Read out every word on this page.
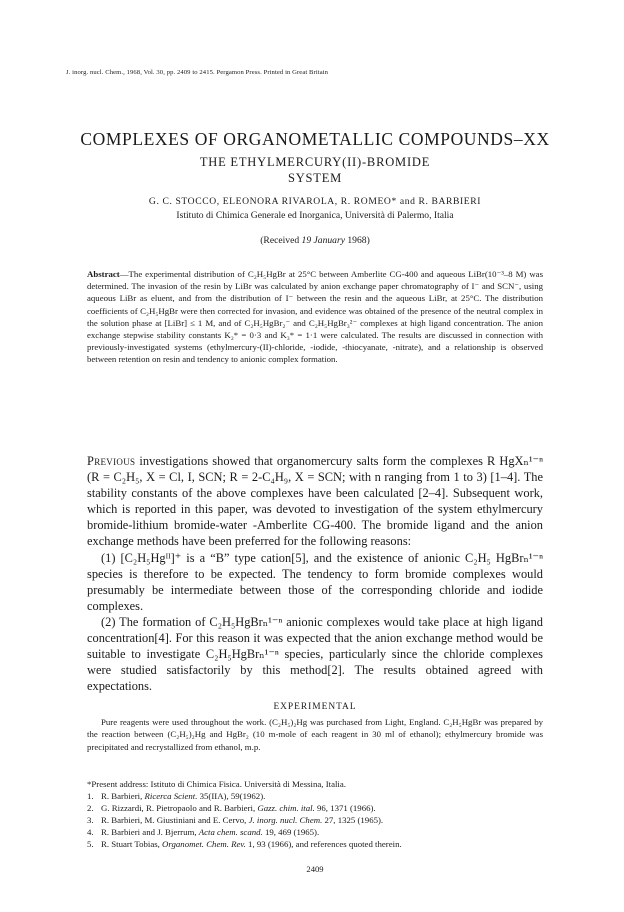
J. inorg. nucl. Chem., 1968, Vol. 30, pp. 2409 to 2415. Pergamon Press. Printed in Great Britain
COMPLEXES OF ORGANOMETALLIC COMPOUNDS–XX
THE ETHYLMERCURY(II)-BROMIDE
SYSTEM
G. C. STOCCO, ELEONORA RIVAROLA, R. ROMEO* and R. BARBIERI
Istituto di Chimica Generale ed Inorganica, Università di Palermo, Italia
(Received 19 January 1968)
Abstract—The experimental distribution of C₂H₅HgBr at 25°C between Amberlite CG-400 and aqueous LiBr(10⁻³–8 M) was determined. The invasion of the resin by LiBr was calculated by anion exchange paper chromatography of I⁻ and SCN⁻, using aqueous LiBr as eluent, and from the distribution of I⁻ between the resin and the aqueous LiBr, at 25°C. The distribution coefficients of C₂H₅HgBr were then corrected for invasion, and evidence was obtained of the presence of the neutral complex in the solution phase at [LiBr] ≤ 1 M, and of C₂H₅HgBr₂⁻ and C₂H₅HgBr₃²⁻ complexes at high ligand concentration. The anion exchange stepwise stability constants K₂* = 0·3 and K₃* = 1·1 were calculated. The results are discussed in connection with previously-investigated systems (ethylmercury-(II)-chloride, -iodide, -thiocyanate, -nitrate), and a relationship is observed between retention on resin and tendency to anionic complex formation.

Previous investigations showed that organomercury salts form the complexes R HgXₙ¹⁻ⁿ (R = C₂H₅, X = Cl, I, SCN; R = 2-C₄H₉, X = SCN; with n ranging from 1 to 3) [1–4]. The stability constants of the above complexes have been calculated [2–4]. Subsequent work, which is reported in this paper, was devoted to investigation of the system ethylmercury bromide-lithium bromide-water -Amberlite CG-400. The bromide ligand and the anion exchange methods have been preferred for the following reasons:

(1) [C₂H₅Hgᴵᴵ]⁺ is a “B” type cation[5], and the existence of anionic C₂H₅ HgBrₙ¹⁻ⁿ species is therefore to be expected. The tendency to form bromide complexes would presumably be intermediate between those of the corresponding chloride and iodide complexes.

(2) The formation of C₂H₅HgBrₙ¹⁻ⁿ anionic complexes would take place at high ligand concentration[4]. For this reason it was expected that the anion exchange method would be suitable to investigate C₂H₅HgBrₙ¹⁻ⁿ species, particularly since the chloride complexes were studied satisfactorily by this method[2]. The results obtained agreed with expectations.

EXPERIMENTAL
Pure reagents were used throughout the work. (C₂H₅)₂Hg was purchased from Light, England. C₂H₅HgBr was prepared by the reaction between (C₂H₅)₂Hg and HgBr₂ (10 m-mole of each reagent in 30 ml of ethanol); ethylmercury bromide was precipitated and recrystallized from ethanol, m.p.
*Present address: Istituto di Chimica Fisica. Università di Messina, Italia.
1. R. Barbieri, Ricerca Scient. 35(IIA), 59(1962).
2. G. Rizzardi, R. Pietropaolo and R. Barbieri, Gazz. chim. ital. 96, 1371 (1966).
3. R. Barbieri, M. Giustiniani and E. Cervo, J. inorg. nucl. Chem. 27, 1325 (1965).
4. R. Barbieri and J. Bjerrum, Acta chem. scand. 19, 469 (1965).
5. R. Stuart Tobias, Organomet. Chem. Rev. 1, 93 (1966), and references quoted therein.
2409
